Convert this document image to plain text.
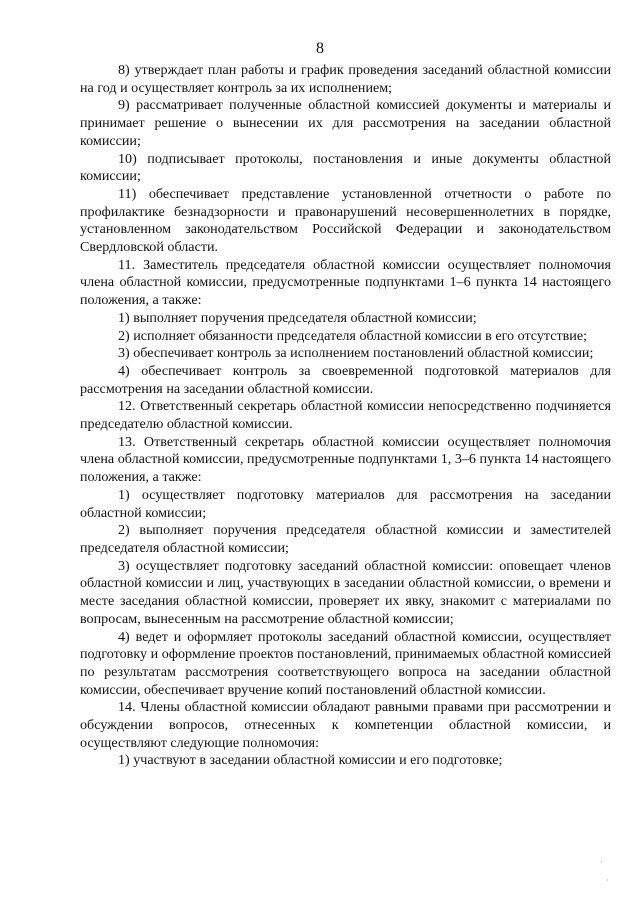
8

8) утверждает план работы и график проведения заседаний областной комиссии на год и осуществляет контроль за их исполнением;

9) рассматривает полученные областной комиссией документы и материалы и принимает решение о вынесении их для рассмотрения на заседании областной комиссии;

10) подписывает протоколы, постановления и иные документы областной комиссии;

11) обеспечивает представление установленной отчетности о работе по профилактике безнадзорности и правонарушений несовершеннолетних в порядке, установленном законодательством Российской Федерации и законодательством Свердловской области.

11. Заместитель председателя областной комиссии осуществляет полномочия члена областной комиссии, предусмотренные подпунктами 1–6 пункта 14 настоящего положения, а также:

1) выполняет поручения председателя областной комиссии;

2) исполняет обязанности председателя областной комиссии в его отсутствие;

3) обеспечивает контроль за исполнением постановлений областной комиссии;

4) обеспечивает контроль за своевременной подготовкой материалов для рассмотрения на заседании областной комиссии.

12. Ответственный секретарь областной комиссии непосредственно подчиняется председателю областной комиссии.

13. Ответственный секретарь областной комиссии осуществляет полномочия члена областной комиссии, предусмотренные подпунктами 1, 3–6 пункта 14 настоящего положения, а также:

1) осуществляет подготовку материалов для рассмотрения на заседании областной комиссии;

2) выполняет поручения председателя областной комиссии и заместителей председателя областной комиссии;

3) осуществляет подготовку заседаний областной комиссии: оповещает членов областной комиссии и лиц, участвующих в заседании областной комиссии, о времени и месте заседания областной комиссии, проверяет их явку, знакомит с материалами по вопросам, вынесенным на рассмотрение областной комиссии;

4) ведет и оформляет протоколы заседаний областной комиссии, осуществляет подготовку и оформление проектов постановлений, принимаемых областной комиссией по результатам рассмотрения соответствующего вопроса на заседании областной комиссии, обеспечивает вручение копий постановлений областной комиссии.

14. Члены областной комиссии обладают равными правами при рассмотрении и обсуждении вопросов, отнесенных к компетенции областной комиссии, и осуществляют следующие полномочия:

1) участвуют в заседании областной комиссии и его подготовке;

·
·
